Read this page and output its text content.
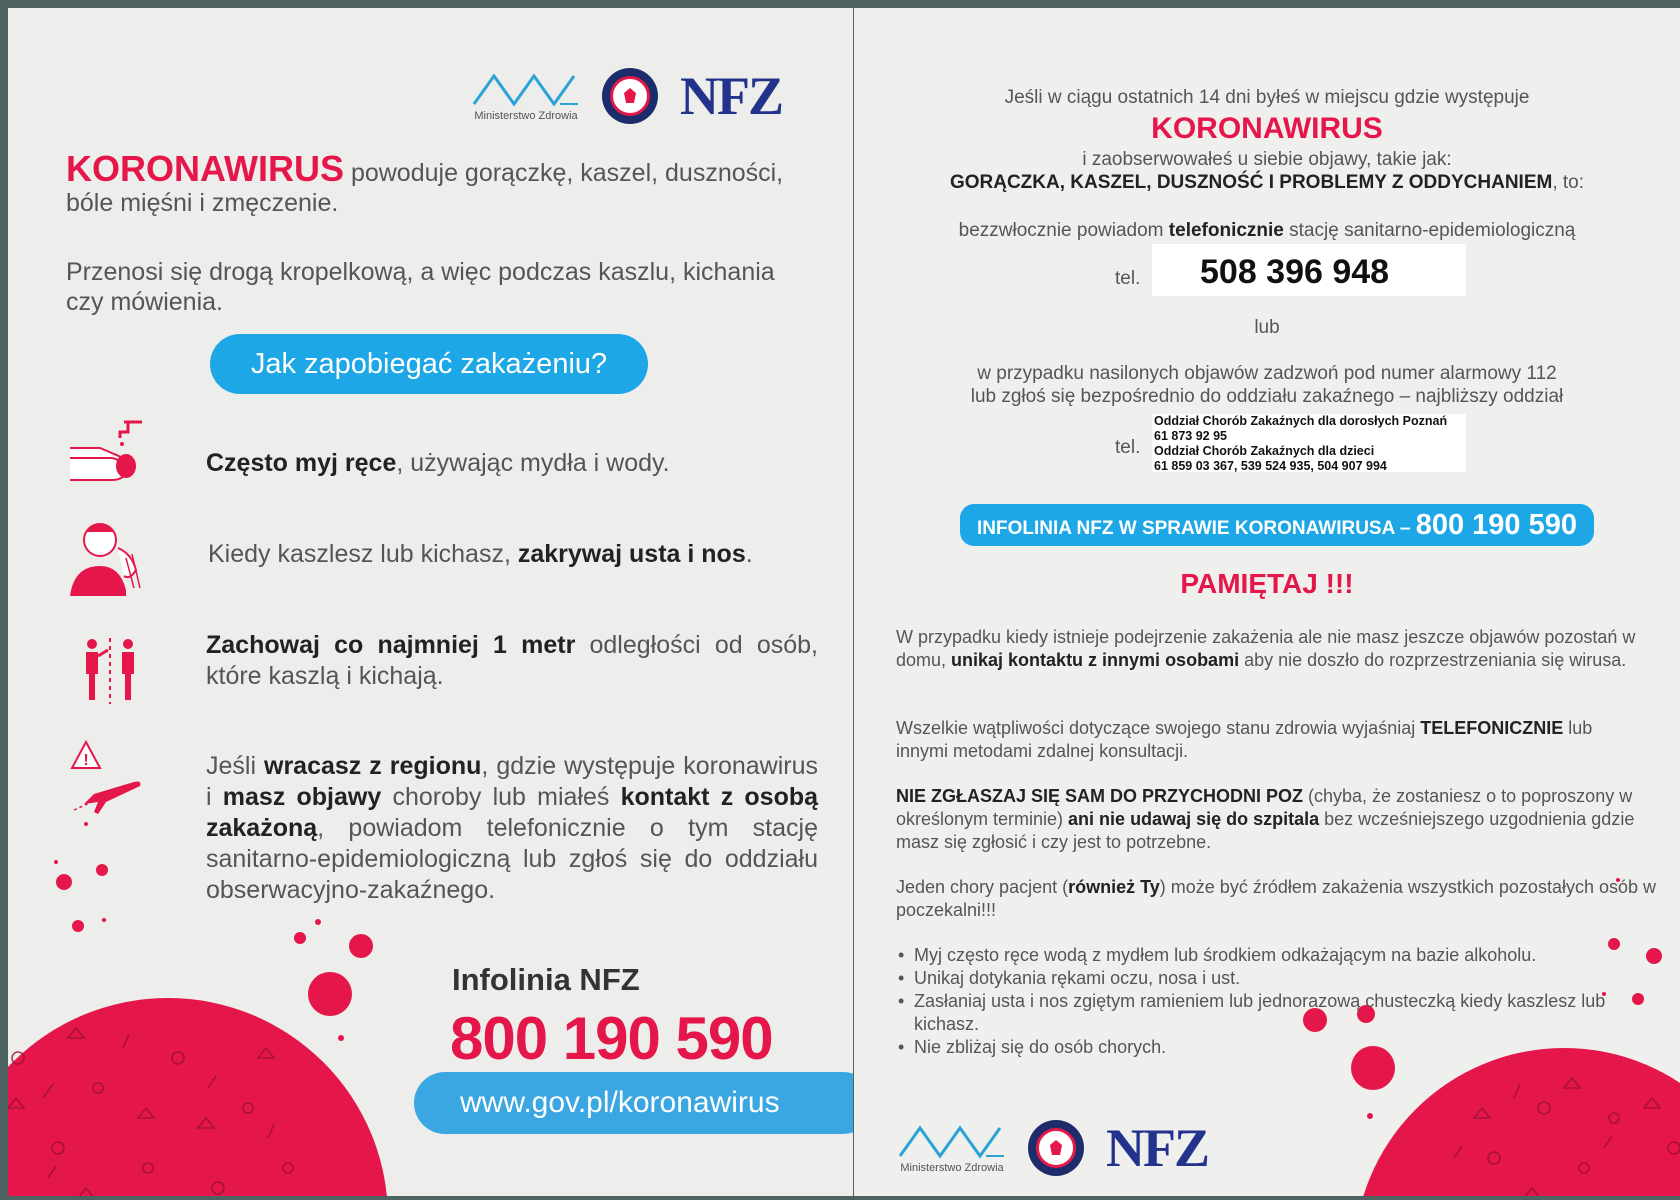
Ministerstwo Zdrowia NFZ
KORONAWIRUS powoduje gorączkę, kaszel, duszności, bóle mięśni i zmęczenie.
Przenosi się drogą kropelkową, a więc podczas kaszlu, kichania czy mówienia.
Jak zapobiegać zakażeniu?
Często myj ręce, używając mydła i wody.
Kiedy kaszlesz lub kichasz, zakrywaj usta i nos.
Zachowaj co najmniej 1 metr odległości od osób, które kaszlą i kichają.
!	Jeśli wracasz z regionu, gdzie występuje koronawirus i masz objawy choroby lub miałeś kontakt z osobą zakażoną, powiadom telefonicznie o tym stację sanitarno-epidemiologiczną lub zgłoś się do oddziału obserwacyjno-zakaźnego.
Infolinia NFZ
800 190 590
www.gov.pl/koronawirus
Jeśli w ciągu ostatnich 14 dni byłeś w miejscu gdzie występuje
KORONAWIRUS
i zaobserwowałeś u siebie objawy, takie jak:
GORĄCZKA, KASZEL, DUSZNOŚĆ I PROBLEMY Z ODDYCHANIEM, to:
bezzwłocznie powiadom telefonicznie stację sanitarno-epidemiologiczną
tel. 508 396 948
lub
w przypadku nasilonych objawów zadzwoń pod numer alarmowy 112
lub zgłoś się bezpośrednio do oddziału zakaźnego – najbliższy oddział
tel.
Oddział Chorób Zakaźnych dla dorosłych Poznań
61 873 92 95
Oddział Chorób Zakaźnych dla dzieci
61 859 03 367, 539 524 935, 504 907 994
INFOLINIA NFZ W SPRAWIE KORONAWIRUSA – 800 190 590
PAMIĘTAJ !!!
W przypadku kiedy istnieje podejrzenie zakażenia ale nie masz jeszcze objawów pozostań w domu, unikaj kontaktu z innymi osobami aby nie doszło do rozprzestrzeniania się wirusa.
Wszelkie wątpliwości dotyczące swojego stanu zdrowia wyjaśniaj TELEFONICZNIE lub innymi metodami zdalnej konsultacji.
NIE ZGŁASZAJ SIĘ SAM DO PRZYCHODNI POZ (chyba, że zostaniesz o to poproszony w określonym terminie) ani nie udawaj się do szpitala bez wcześniejszego uzgodnienia gdzie masz się zgłosić i czy jest to potrzebne.
Jeden chory pacjent (również Ty) może być źródłem zakażenia wszystkich pozostałych osób w poczekalni!!!
• Myj często ręce wodą z mydłem lub środkiem odkażającym na bazie alkoholu.
• Unikaj dotykania rękami oczu, nosa i ust.
• Zasłaniaj usta i nos zgiętym ramieniem lub jednorazową chusteczką kiedy kaszlesz lub kichasz.
• Nie zbliżaj się do osób chorych.
Ministerstwo Zdrowia NFZ
